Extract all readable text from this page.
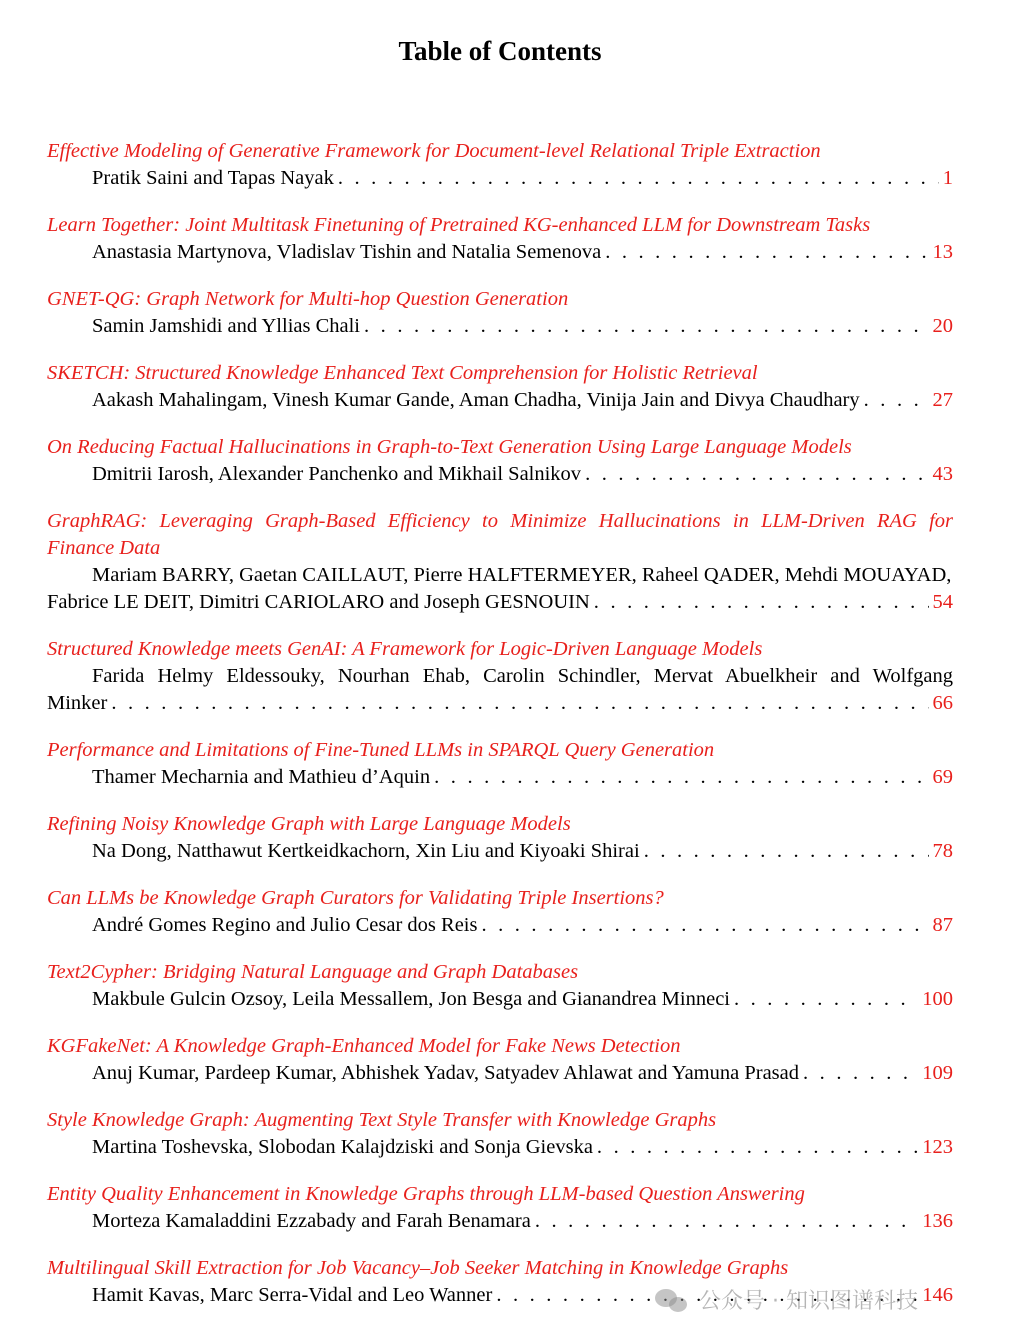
Table of Contents
Effective Modeling of Generative Framework for Document-level Relational Triple Extraction
Pratik Saini and Tapas Nayak . . .	1
Learn Together: Joint Multitask Finetuning of Pretrained KG-enhanced LLM for Downstream Tasks
Anastasia Martynova, Vladislav Tishin and Natalia Semenova . . .	13
GNET-QG: Graph Network for Multi-hop Question Generation
Samin Jamshidi and Yllias Chali . . .	20
SKETCH: Structured Knowledge Enhanced Text Comprehension for Holistic Retrieval
Aakash Mahalingam, Vinesh Kumar Gande, Aman Chadha, Vinija Jain and Divya Chaudhary . . .	27
On Reducing Factual Hallucinations in Graph-to-Text Generation Using Large Language Models
Dmitrii Iarosh, Alexander Panchenko and Mikhail Salnikov . . .	43
GraphRAG: Leveraging Graph-Based Efficiency to Minimize Hallucinations in LLM-Driven RAG for Finance Data
Mariam BARRY, Gaetan CAILLAUT, Pierre HALFTERMEYER, Raheel QADER, Mehdi MOUAYAD,
Fabrice LE DEIT, Dimitri CARIOLARO and Joseph GESNOUIN . . .	54
Structured Knowledge meets GenAI: A Framework for Logic-Driven Language Models
Farida Helmy Eldessouky, Nourhan Ehab, Carolin Schindler, Mervat Abuelkheir and Wolfgang
Minker . . .	66
Performance and Limitations of Fine-Tuned LLMs in SPARQL Query Generation
Thamer Mecharnia and Mathieu d’Aquin . . .	69
Refining Noisy Knowledge Graph with Large Language Models
Na Dong, Natthawut Kertkeidkachorn, Xin Liu and Kiyoaki Shirai . . .	78
Can LLMs be Knowledge Graph Curators for Validating Triple Insertions?
André Gomes Regino and Julio Cesar dos Reis . . .	87
Text2Cypher: Bridging Natural Language and Graph Databases
Makbule Gulcin Ozsoy, Leila Messallem, Jon Besga and Gianandrea Minneci . . .	100
KGFakeNet: A Knowledge Graph-Enhanced Model for Fake News Detection
Anuj Kumar, Pardeep Kumar, Abhishek Yadav, Satyadev Ahlawat and Yamuna Prasad . . .	109
Style Knowledge Graph: Augmenting Text Style Transfer with Knowledge Graphs
Martina Toshevska, Slobodan Kalajdziski and Sonja Gievska . . .	123
Entity Quality Enhancement in Knowledge Graphs through LLM-based Question Answering
Morteza Kamaladdini Ezzabady and Farah Benamara . . .	136
Multilingual Skill Extraction for Job Vacancy–Job Seeker Matching in Knowledge Graphs
Hamit Kavas, Marc Serra-Vidal and Leo Wanner . . .	146
公众号 · 知识图谱科技
